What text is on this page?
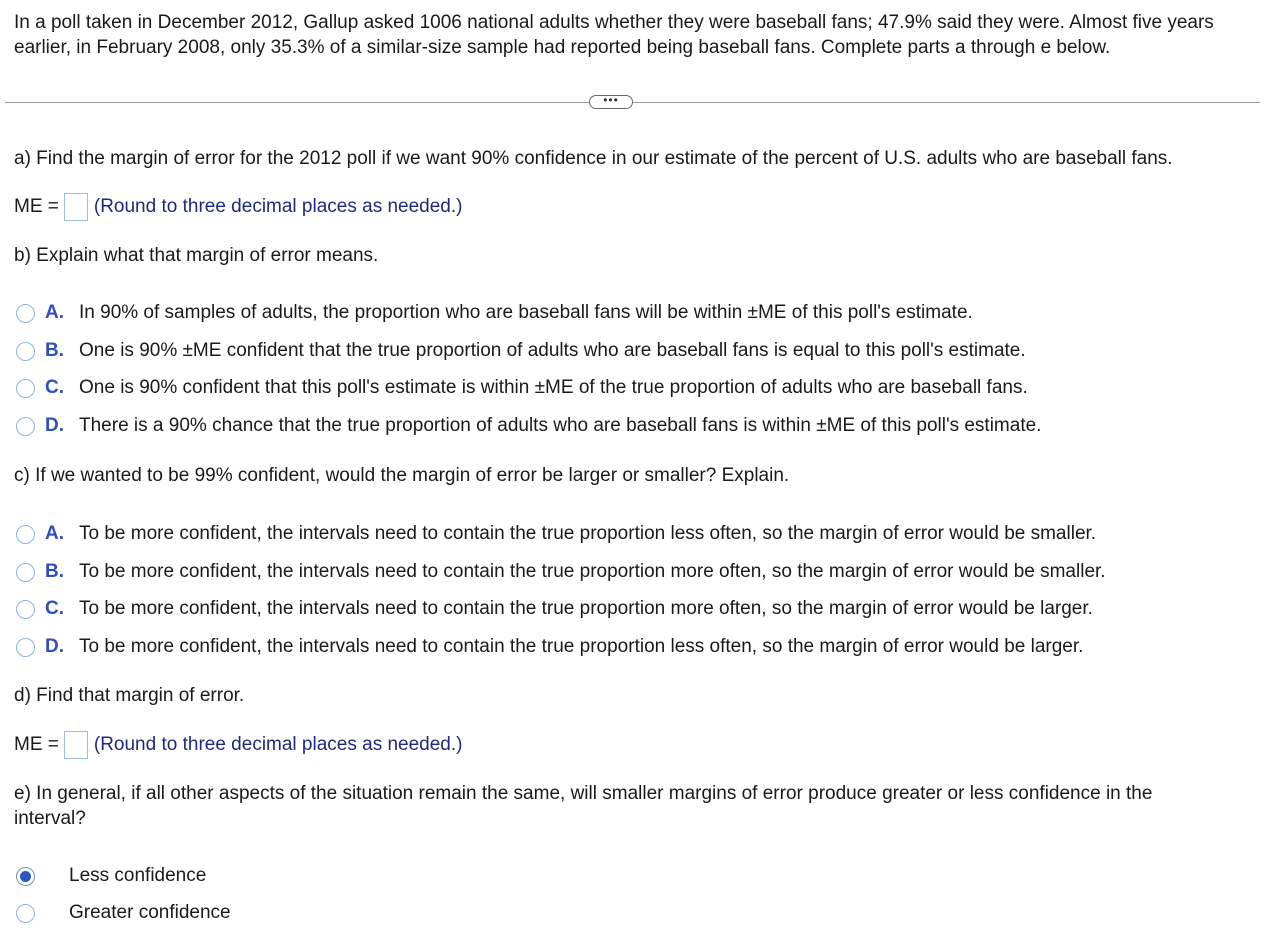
In a poll taken in December 2012, Gallup asked 1006 national adults whether they were baseball fans; 47.9% said they were. Almost five years earlier, in February 2008, only 35.3% of a similar-size sample had reported being baseball fans. Complete parts a through e below.
•••
a) Find the margin of error for the 2012 poll if we want 90% confidence in our estimate of the percent of U.S. adults who are baseball fans.
ME = (Round to three decimal places as needed.)
b) Explain what that margin of error means.
A. In 90% of samples of adults, the proportion who are baseball fans will be within ±ME of this poll's estimate.
B. One is 90% ±ME confident that the true proportion of adults who are baseball fans is equal to this poll's estimate.
C. One is 90% confident that this poll's estimate is within ±ME of the true proportion of adults who are baseball fans.
D. There is a 90% chance that the true proportion of adults who are baseball fans is within ±ME of this poll's estimate.
c) If we wanted to be 99% confident, would the margin of error be larger or smaller? Explain.
A. To be more confident, the intervals need to contain the true proportion less often, so the margin of error would be smaller.
B. To be more confident, the intervals need to contain the true proportion more often, so the margin of error would be smaller.
C. To be more confident, the intervals need to contain the true proportion more often, so the margin of error would be larger.
D. To be more confident, the intervals need to contain the true proportion less often, so the margin of error would be larger.
d) Find that margin of error.
ME = (Round to three decimal places as needed.)
e) In general, if all other aspects of the situation remain the same, will smaller margins of error produce greater or less confidence in the interval?
Less confidence
Greater confidence
